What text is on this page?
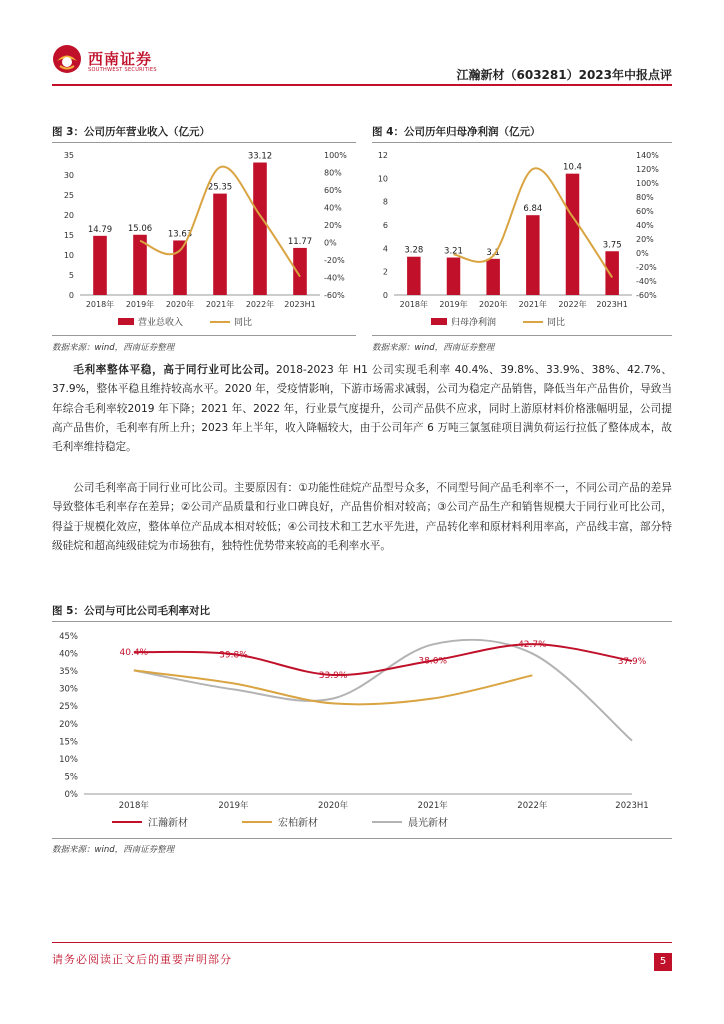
西南证券
SOUTHWEST SECURITIES	江瀚新材（603281）2023年中报点评
图 3：公司历年营业收入（亿元）
0
5
10
15
20
25
30
35
-60%
-40%
-20%
0%
20%
40%
60%
80%
100%
14.79
2018年
15.06
2019年
13.63
2020年
25.35
2021年
33.12
2022年
11.77
2023H1
营业总收入	同比
数据来源：wind，西南证券整理
图 4：公司历年归母净利润（亿元）
0
2
4
6
8
10
12
-60%
-40%
-20%
0%
20%
40%
60%
80%
100%
120%
140%
3.28
2018年
3.21
2019年
3.1
2020年
6.84
2021年
10.4
2022年
3.75
2023H1
归母净利润	同比
数据来源：wind，西南证券整理

毛利率整体平稳，高于同行业可比公司。2018-2023 年 H1 公司实现毛利率 40.4%、39.8%、33.9%、38%、42.7%、37.9%，整体平稳且维持较高水平。2020 年，受疫情影响，下游市场需求减弱，公司为稳定产品销售，降低当年产品售价，导致当年综合毛利率较2019 年下降；2021 年、2022 年，行业景气度提升，公司产品供不应求，同时上游原材料价格涨幅明显，公司提高产品售价，毛利率有所上升；2023 年上半年，收入降幅较大，由于公司年产 6 万吨三氯氢硅项目满负荷运行拉低了整体成本，故毛利率维持稳定。

公司毛利率高于同行业可比公司。主要原因有：①功能性硅烷产品型号众多，不同型号间产品毛利率不一，不同公司产品的差异导致整体毛利率存在差异；②公司产品质量和行业口碑良好，产品售价相对较高；③公司产品生产和销售规模大于同行业可比公司，得益于规模化效应，整体单位产品成本相对较低；④公司技术和工艺水平先进，产品转化率和原材料利用率高，产品线丰富，部分特级硅烷和超高纯级硅烷为市场独有，独特性优势带来较高的毛利率水平。

图 5：公司与可比公司毛利率对比
0%
5%
10%
15%
20%
25%
30%
35%
40%
45%
2018年	2019年	2020年	2021年	2022年	2023H1
40.4%	39.8%
33.9%
38.0%
42.7%
37.9%
江瀚新材	宏柏新材	晨光新材
数据来源：wind，西南证券整理
请务必阅读正文后的重要声明部分	5
